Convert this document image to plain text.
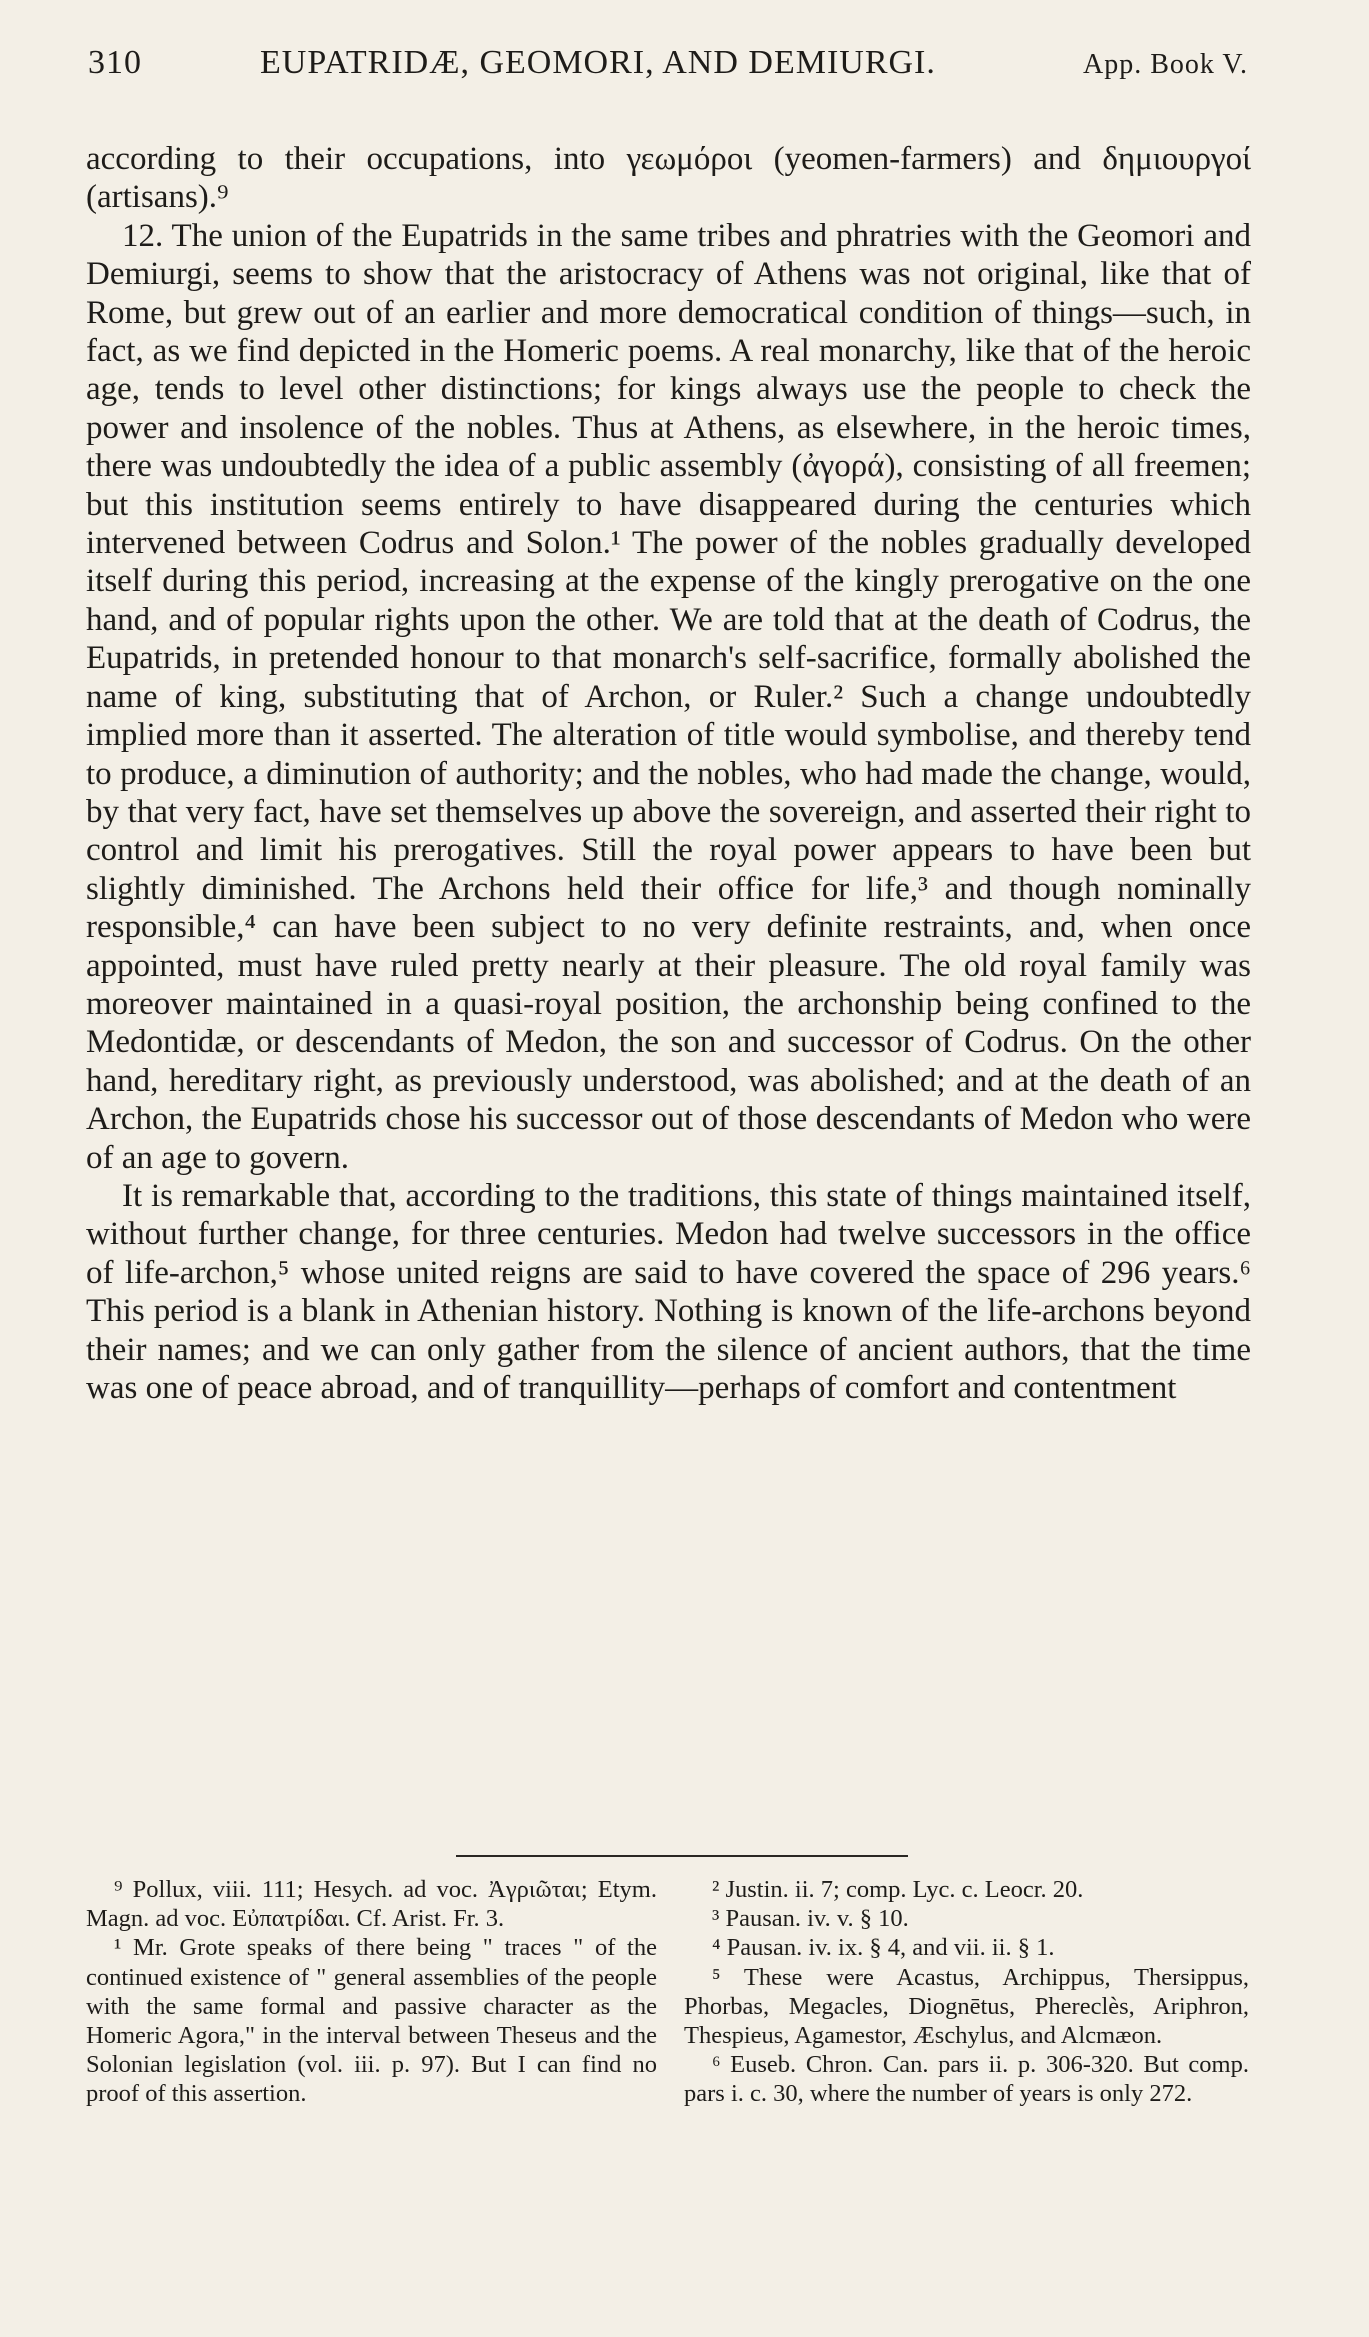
310	EUPATRIDÆ, GEOMORI, AND DEMIURGI.	App. Book V.

according to their occupations, into γεωμόροι (yeomen-farmers) and δημιουργοί (artisans).⁹

12. The union of the Eupatrids in the same tribes and phratries with the Geomori and Demiurgi, seems to show that the aristocracy of Athens was not original, like that of Rome, but grew out of an earlier and more democratical condition of things—such, in fact, as we find depicted in the Homeric poems. A real monarchy, like that of the heroic age, tends to level other distinctions; for kings always use the people to check the power and insolence of the nobles. Thus at Athens, as elsewhere, in the heroic times, there was undoubtedly the idea of a public assembly (ἀγορά), consisting of all freemen; but this institution seems entirely to have disappeared during the centuries which intervened between Codrus and Solon.¹ The power of the nobles gradually developed itself during this period, increasing at the expense of the kingly prerogative on the one hand, and of popular rights upon the other. We are told that at the death of Codrus, the Eupatrids, in pretended honour to that monarch's self-sacrifice, formally abolished the name of king, substituting that of Archon, or Ruler.² Such a change undoubtedly implied more than it asserted. The alteration of title would symbolise, and thereby tend to produce, a diminution of authority; and the nobles, who had made the change, would, by that very fact, have set themselves up above the sovereign, and asserted their right to control and limit his prerogatives. Still the royal power appears to have been but slightly diminished. The Archons held their office for life,³ and though nominally responsible,⁴ can have been subject to no very definite restraints, and, when once appointed, must have ruled pretty nearly at their pleasure. The old royal family was moreover maintained in a quasi-royal position, the archonship being confined to the Medontidæ, or descendants of Medon, the son and successor of Codrus. On the other hand, hereditary right, as previously understood, was abolished; and at the death of an Archon, the Eupatrids chose his successor out of those descendants of Medon who were of an age to govern.

It is remarkable that, according to the traditions, this state of things maintained itself, without further change, for three centuries. Medon had twelve successors in the office of life-archon,⁵ whose united reigns are said to have covered the space of 296 years.⁶ This period is a blank in Athenian history. Nothing is known of the life-archons beyond their names; and we can only gather from the silence of ancient authors, that the time was one of peace abroad, and of tranquillity—perhaps of comfort and contentment

⁹ Pollux, viii. 111; Hesych. ad voc. Ἀγριῶται; Etym. Magn. ad voc. Εὐπατρίδαι. Cf. Arist. Fr. 3.

¹ Mr. Grote speaks of there being " traces " of the continued existence of " general assemblies of the people with the same formal and passive character as the Homeric Agora," in the interval between Theseus and the Solonian legislation (vol. iii. p. 97). But I can find no proof of this assertion.

² Justin. ii. 7; comp. Lyc. c. Leocr. 20.

³ Pausan. iv. v. § 10.

⁴ Pausan. iv. ix. § 4, and vii. ii. § 1.

⁵ These were Acastus, Archippus, Thersippus, Phorbas, Megacles, Diognētus, Phereclès, Ariphron, Thespieus, Agamestor, Æschylus, and Alcmæon.

⁶ Euseb. Chron. Can. pars ii. p. 306-320. But comp. pars i. c. 30, where the number of years is only 272.
